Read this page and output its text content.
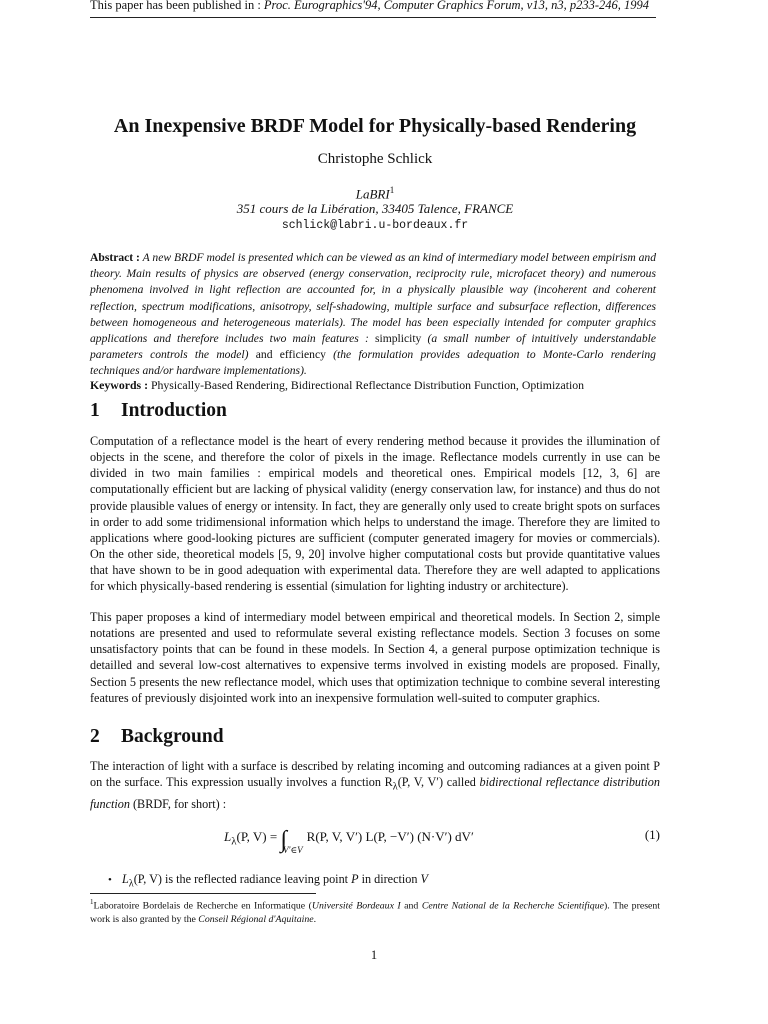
This paper has been published in : Proc. Eurographics'94, Computer Graphics Forum, v13, n3, p233-246, 1994
An Inexpensive BRDF Model for Physically-based Rendering
Christophe Schlick
LaBRI$^1$
351 cours de la Libération, 33405 Talence, FRANCE
schlick@labri.u-bordeaux.fr
Abstract : A new BRDF model is presented which can be viewed as an kind of intermediary model between empirism and theory. Main results of physics are observed (energy conservation, reciprocity rule, microfacet theory) and numerous phenomena involved in light reflection are accounted for, in a physically plausible way (incoherent and coherent reflection, spectrum modifications, anisotropy, self-shadowing, multiple surface and subsurface reflection, differences between homogeneous and heterogeneous materials). The model has been especially intended for computer graphics applications and therefore includes two main features : simplicity (a small number of intuitively understandable parameters controls the model) and efficiency (the formulation provides adequation to Monte-Carlo rendering techniques and/or hardware implementations).
Keywords : Physically-Based Rendering, Bidirectional Reflectance Distribution Function, Optimization
1 Introduction

Computation of a reflectance model is the heart of every rendering method because it provides the illumination of objects in the scene, and therefore the color of pixels in the image. Reflectance models currently in use can be divided in two main families : empirical models and theoretical ones. Empirical models [12, 3, 6] are computationally efficient but are lacking of physical validity (energy conservation law, for instance) and thus do not provide plausible values of energy or intensity. In fact, they are generally only used to create bright spots on surfaces in order to add some tridimensional information which helps to understand the image. Therefore they are limited to applications where good-looking pictures are sufficient (computer generated imagery for movies or commercials). On the other side, theoretical models [5, 9, 20] involve higher computational costs but provide quantitative values that have shown to be in good adequation with experimental data. Therefore they are well adapted to applications for which physically-based rendering is essential (simulation for lighting industry or architecture).

This paper proposes a kind of intermediary model between empirical and theoretical models. In Section 2, simple notations are presented and used to reformulate several existing reflectance models. Section 3 focuses on some unsatisfactory points that can be found in these models. In Section 4, a general purpose optimization technique is detailled and several low-cost alternatives to expensive terms involved in existing models are proposed. Finally, Section 5 presents the new reflectance model, which uses that optimization technique to combine several interesting features of previously disjointed work into an inexpensive formulation well-suited to computer graphics.

2 Background

The interaction of light with a surface is described by relating incoming and outcoming radiances at a given point P on the surface. This expression usually involves a function $R_\lambda(P$, V, V′) called bidirectional reflectance distribution function (BRDF, for short) :

$L_\lambda(P$, $V) = \int_{V'\in V}R(P$, V, V′) L(P, −V′) (N·V′) dV′	(1)
• $L_\lambda(P$, V) is the reflected radiance leaving point P in direction V
$^1$Laboratoire Bordelais de Recherche en Informatique (Université Bordeaux I and Centre National de la Recherche Scientifique). The present work is also granted by the Conseil Régional d'Aquitaine.
1
